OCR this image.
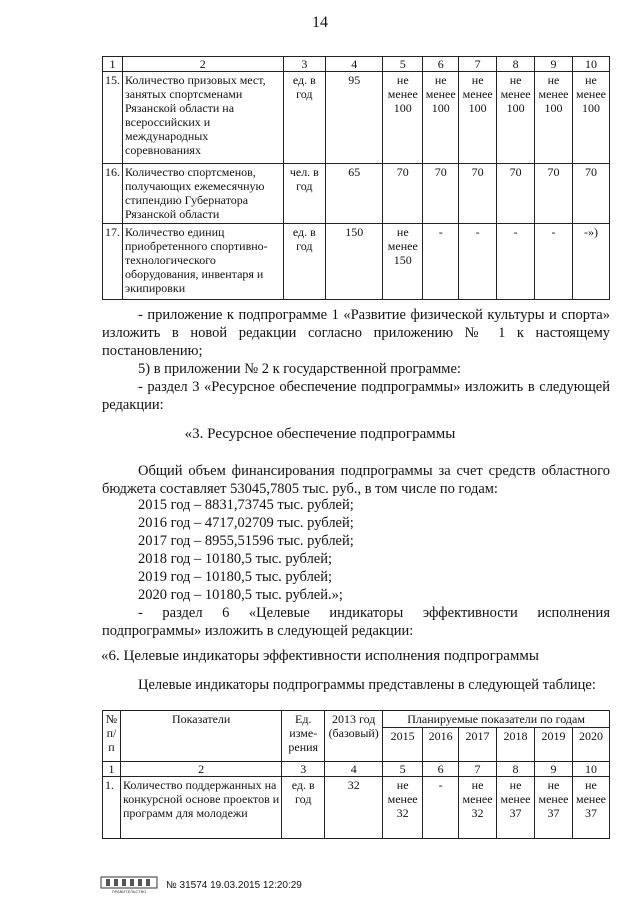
14
1	2	3	4	5	6	7	8	9	10
15.	Количество призовых мест, занятых спортсменами Рязанской области на всероссийских и международных соревнованиях	ед. в год	95	не менее 100	не менее 100	не менее 100	не менее 100	не менее 100	не менее 100
16.	Количество спортсменов, получающих ежемесячную стипендию Губернатора Рязанской области	чел. в год	65	70	70	70	70	70	70
17.	Количество единиц приобретенного спортивно-технологического оборудования, инвентаря и экипировки	ед. в год	150	не менее 150	-	-	-	-	-»)
- приложение к подпрограмме 1 «Развитие физической культуры и спорта» изложить в новой редакции согласно приложению № 1 к настоящему постановлению;
5) в приложении № 2 к государственной программе:
- раздел 3 «Ресурсное обеспечение подпрограммы» изложить в следующей редакции:
«3. Ресурсное обеспечение подпрограммы
Общий объем финансирования подпрограммы за счет средств областного бюджета составляет 53045,7805 тыс. руб., в том числе по годам:
2015 год – 8831,73745 тыс. рублей;
2016 год – 4717,02709 тыс. рублей;
2017 год – 8955,51596 тыс. рублей;
2018 год – 10180,5 тыс. рублей;
2019 год – 10180,5 тыс. рублей;
2020 год – 10180,5 тыс. рублей.»;
- раздел 6 «Целевые индикаторы эффективности исполнения подпрограммы» изложить в следующей редакции:
«6. Целевые индикаторы эффективности исполнения подпрограммы
Целевые индикаторы подпрограммы представлены в следующей таблице:
№ п/п	Показатели	Ед. изме-рения	2013 год (базовый)	Планируемые показатели по годам					
				2015	2016	2017	2018	2019	2020
1	2	3	4	5	6	7	8	9	10
1.	Количество поддержанных на конкурсной основе проектов и программ для молодежи	ед. в год	32	не менее 32	-	не менее 32	не менее 37	не менее 37	не менее 37
ПРАВИТЕЛЬСТВО
№ 31574 19.03.2015 12:20:29
